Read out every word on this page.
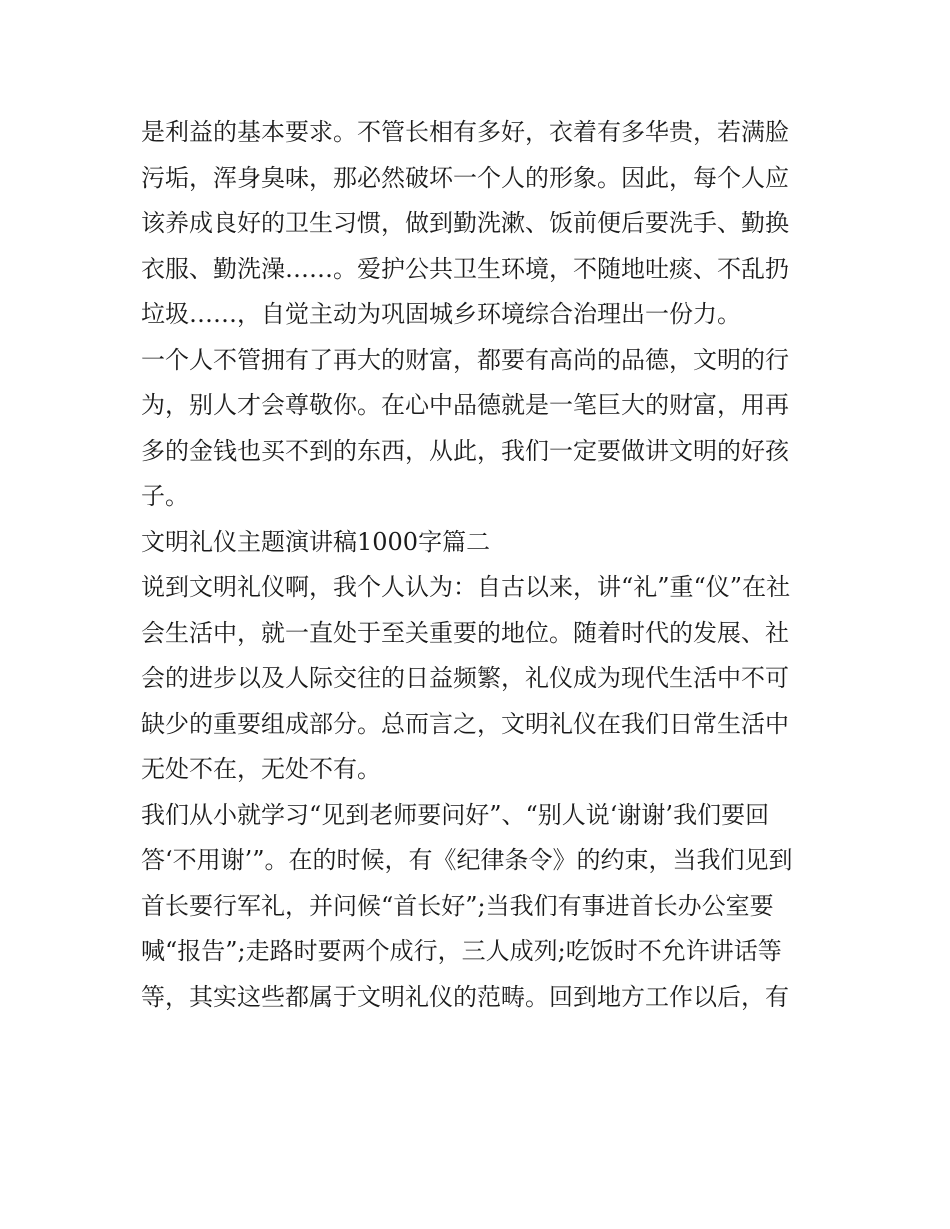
是利益的基本要求。不管长相有多好，衣着有多华贵，若满脸
污垢，浑身臭味，那必然破坏一个人的形象。因此，每个人应
该养成良好的卫生习惯，做到勤洗漱、饭前便后要洗手、勤换
衣服、勤洗澡……。爱护公共卫生环境，不随地吐痰、不乱扔
垃圾……，自觉主动为巩固城乡环境综合治理出一份力。
一个人不管拥有了再大的财富，都要有高尚的品德，文明的行
为，别人才会尊敬你。在心中品德就是一笔巨大的财富，用再
多的金钱也买不到的东西，从此，我们一定要做讲文明的好孩
子。
文明礼仪主题演讲稿1000字篇二
说到文明礼仪啊，我个人认为：自古以来，讲“礼”重“仪”在社
会生活中，就一直处于至关重要的地位。随着时代的发展、社
会的进步以及人际交往的日益频繁，礼仪成为现代生活中不可
缺少的重要组成部分。总而言之，文明礼仪在我们日常生活中
无处不在，无处不有。
我们从小就学习“见到老师要问好”、“别人说‘谢谢’我们要回
答‘不用谢’”。在的时候，有《纪律条令》的约束，当我们见到
首长要行军礼，并问候“首长好”;当我们有事进首长办公室要
喊“报告”;走路时要两个成行，三人成列;吃饭时不允许讲话等
等，其实这些都属于文明礼仪的范畴。回到地方工作以后，有
